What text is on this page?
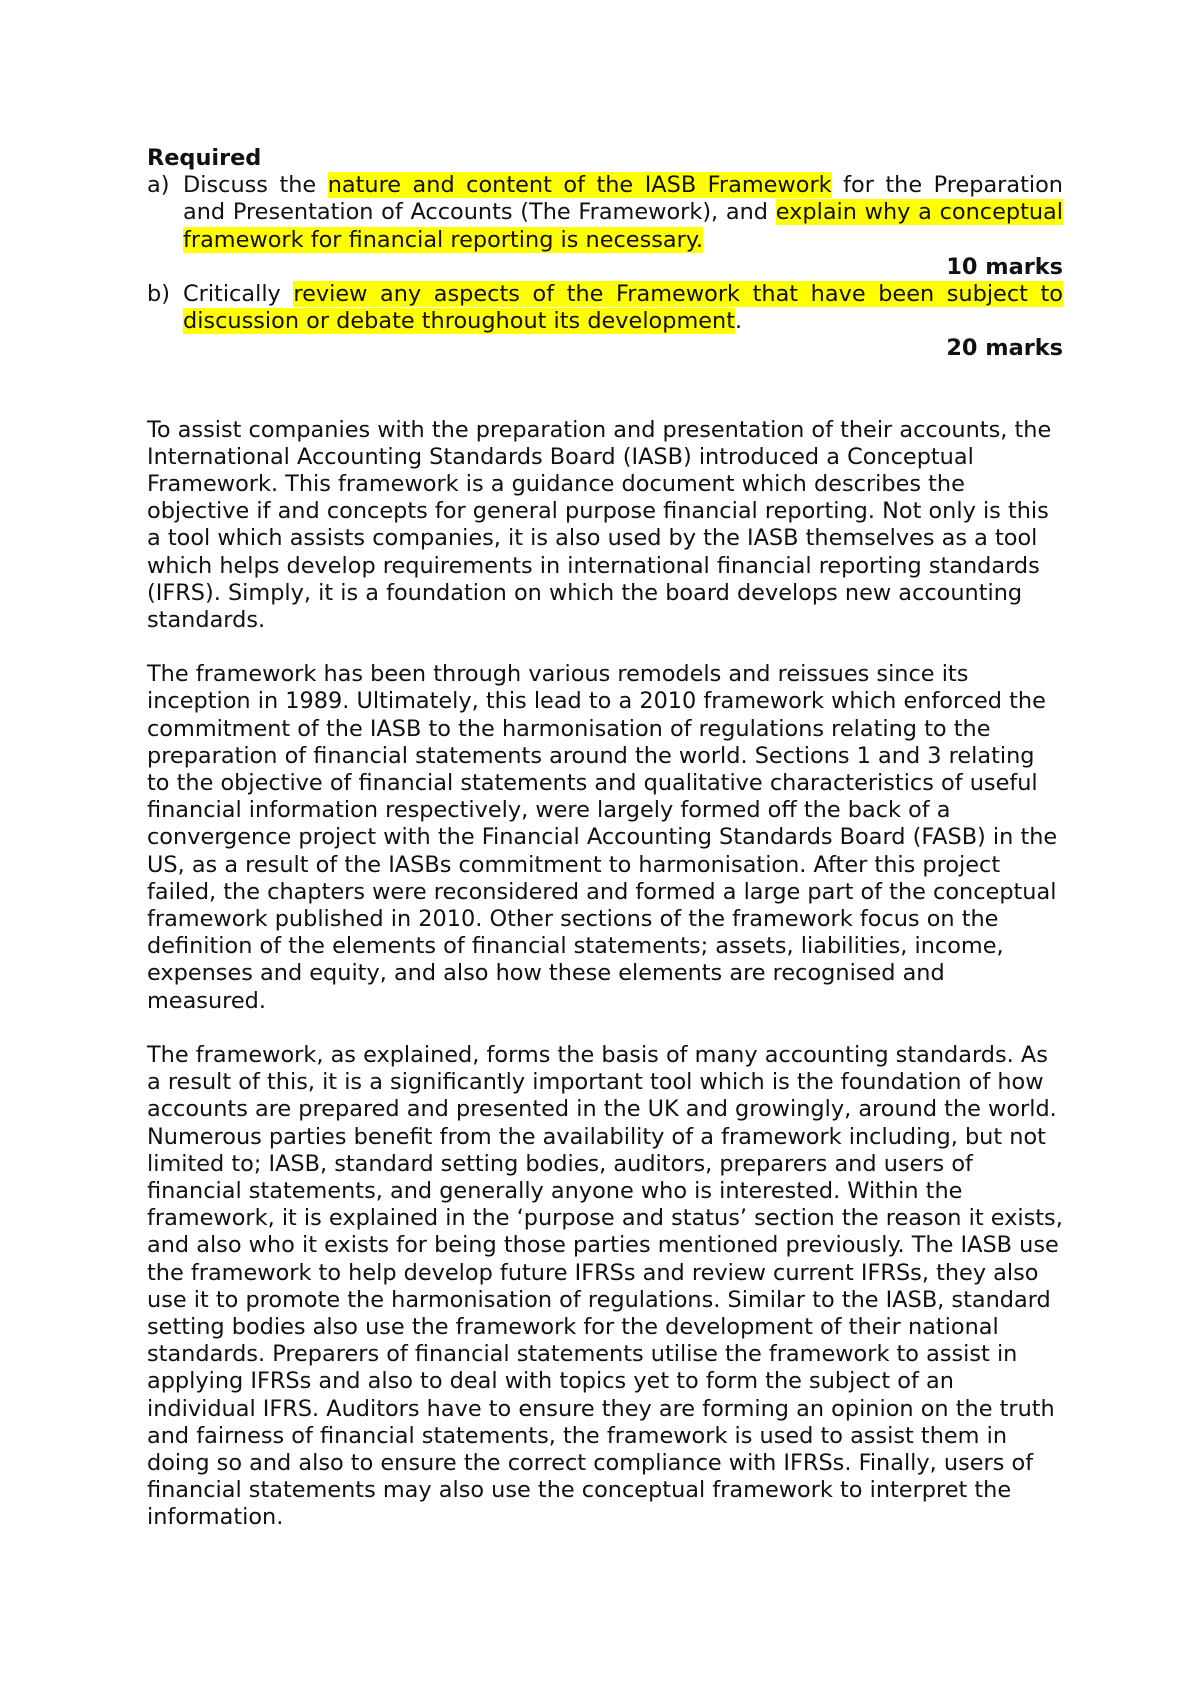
Required

a) Discuss the nature and content of the IASB Framework for the Preparation and Presentation of Accounts (The Framework), and explain why a conceptual framework for financial reporting is necessary.

10 marks

b) Critically review any aspects of the Framework that have been subject to discussion or debate throughout its development.

20 marks

To assist companies with the preparation and presentation of their accounts, the International Accounting Standards Board (IASB) introduced a Conceptual Framework. This framework is a guidance document which describes the objective if and concepts for general purpose financial reporting. Not only is this a tool which assists companies, it is also used by the IASB themselves as a tool which helps develop requirements in international financial reporting standards (IFRS). Simply, it is a foundation on which the board develops new accounting standards.

The framework has been through various remodels and reissues since its inception in 1989. Ultimately, this lead to a 2010 framework which enforced the commitment of the IASB to the harmonisation of regulations relating to the preparation of financial statements around the world. Sections 1 and 3 relating to the objective of financial statements and qualitative characteristics of useful financial information respectively, were largely formed off the back of a convergence project with the Financial Accounting Standards Board (FASB) in the US, as a result of the IASBs commitment to harmonisation. After this project failed, the chapters were reconsidered and formed a large part of the conceptual framework published in 2010. Other sections of the framework focus on the definition of the elements of financial statements; assets, liabilities, income, expenses and equity, and also how these elements are recognised and measured.

The framework, as explained, forms the basis of many accounting standards. As a result of this, it is a significantly important tool which is the foundation of how accounts are prepared and presented in the UK and growingly, around the world. Numerous parties benefit from the availability of a framework including, but not limited to; IASB, standard setting bodies, auditors, preparers and users of financial statements, and generally anyone who is interested. Within the framework, it is explained in the ‘purpose and status’ section the reason it exists, and also who it exists for being those parties mentioned previously. The IASB use the framework to help develop future IFRSs and review current IFRSs, they also use it to promote the harmonisation of regulations. Similar to the IASB, standard setting bodies also use the framework for the development of their national standards. Preparers of financial statements utilise the framework to assist in applying IFRSs and also to deal with topics yet to form the subject of an individual IFRS. Auditors have to ensure they are forming an opinion on the truth and fairness of financial statements, the framework is used to assist them in doing so and also to ensure the correct compliance with IFRSs. Finally, users of financial statements may also use the conceptual framework to interpret the information.
